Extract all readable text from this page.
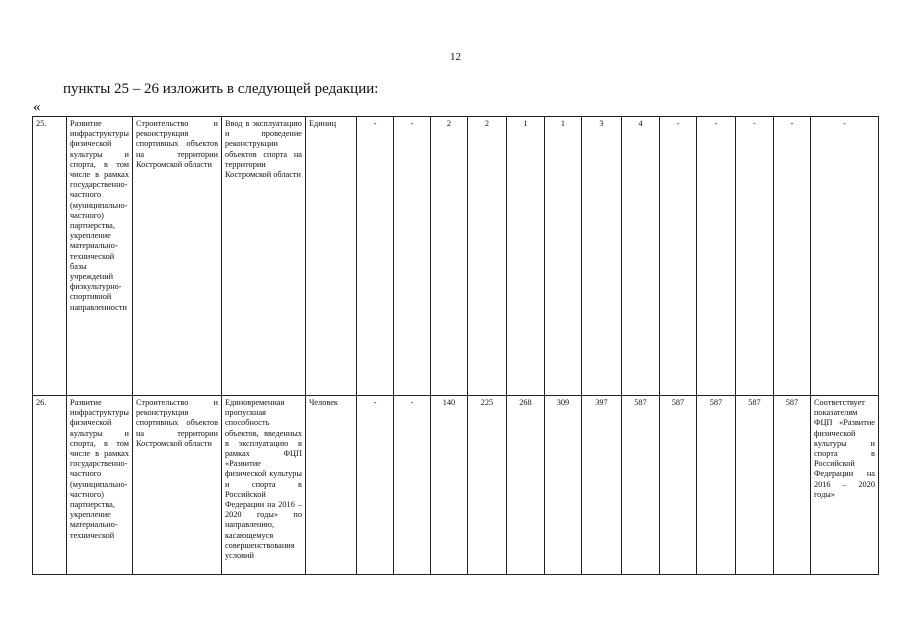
12
пункты 25 – 26 изложить в следующей редакции:
«
25.	Развитие инфраструктуры физической культуры и спорта, в том числе в рамках государственно-частного (муниципально-частного) партнерства, укрепление материально-технической базы учреждений физкультурно-спортивной направленности	Строительство и реконструкция спортивных объектов на территории Костромской области	Ввод в эксплуатацию и проведение реконструкции объектов спорта на территории Костромской области	Единиц	-	-	2	2	1	1	3	4	-	-	-	-	-
26.	Развитие инфраструктуры физической культуры и спорта, в том числе в рамках государственно-частного (муниципально-частного) партнерства, укрепление материально-технической	Строительство и реконструкция спортивных объектов на территории Костромской области	Единовременная пропускная способность объектов, введенных в эксплуатацию в рамках ФЦП «Развитие физической культуры и спорта в Российской Федерации на 2016 – 2020 годы» по направлению, касающемуся совершенствования условий	Человек	-	-	140	225	268	309	397	587	587	587	587	587	Соответствует показателям ФЦП «Развитие физической культуры и спорта в Российской Федерации на 2016 – 2020 годы»
